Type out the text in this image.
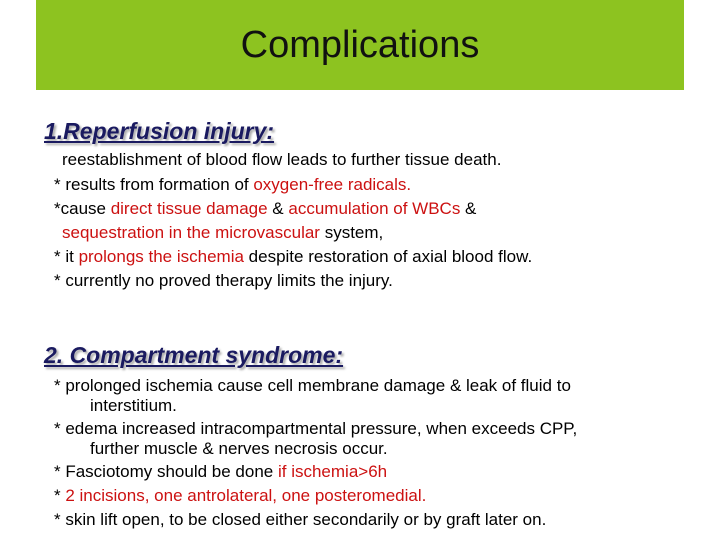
Complications
1.Reperfusion injury:
reestablishment of blood flow leads to further tissue death.
* results from formation of oxygen-free radicals.
*cause direct tissue damage & accumulation of WBCs &
sequestration in the microvascular system,
* it prolongs the ischemia despite restoration of axial blood flow.
* currently no proved therapy limits the injury.
2. Compartment syndrome:
* prolonged ischemia cause cell membrane damage & leak of fluid to
interstitium.
* edema increased intracompartmental pressure, when exceeds CPP,
further muscle & nerves necrosis occur.
* Fasciotomy should be done if ischemia>6h
* 2 incisions, one antrolateral, one posteromedial.
* skin lift open, to be closed either secondarily or by graft later on.
